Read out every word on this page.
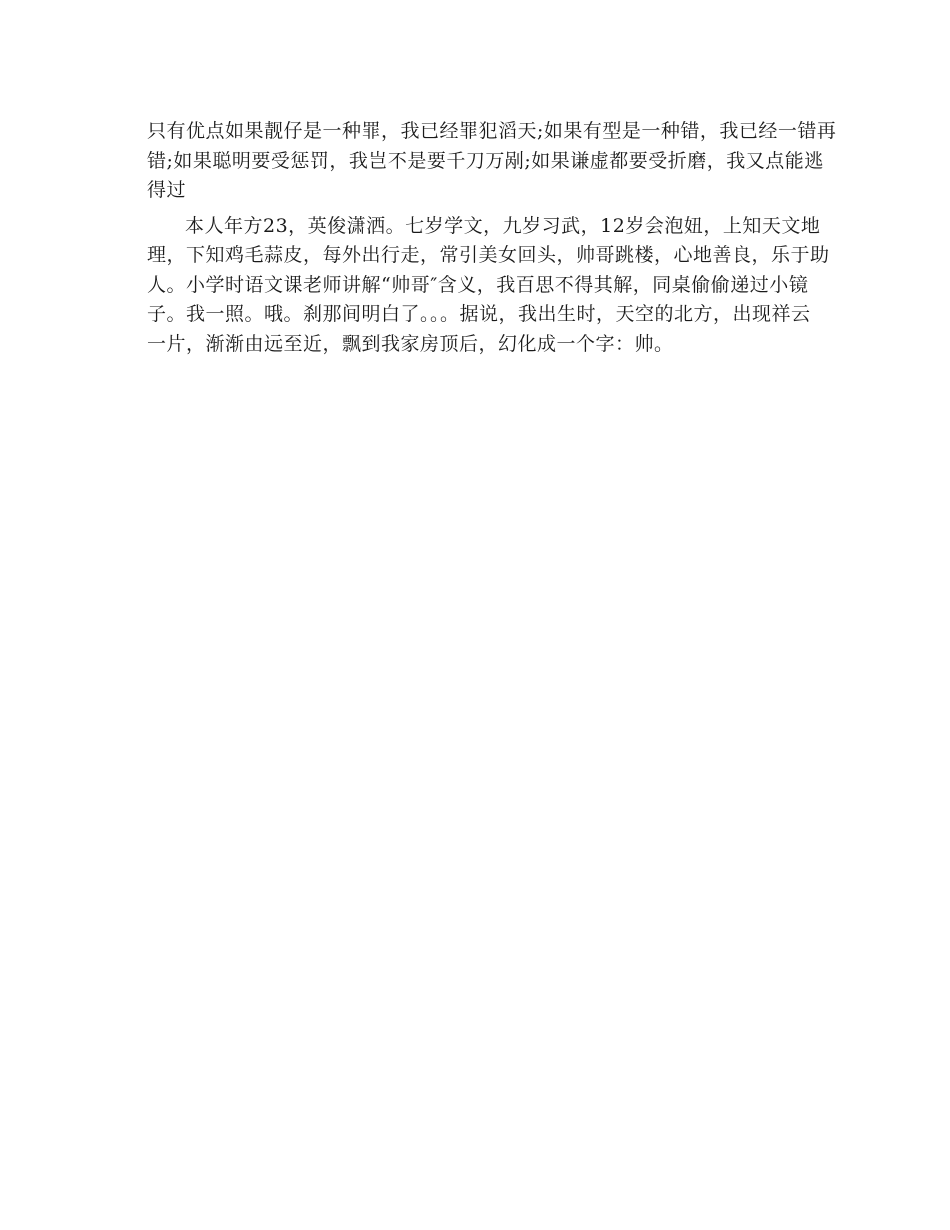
只有优点如果靓仔是一种罪，我已经罪犯滔天;如果有型是一种错，我已经一错再
错;如果聪明要受惩罚，我岂不是要千刀万剐;如果谦虚都要受折磨，我又点能逃
得过

本人年方23，英俊潇洒。七岁学文，九岁习武，12岁会泡妞，上知天文地
理，下知鸡毛蒜皮，每外出行走，常引美女回头，帅哥跳楼，心地善良，乐于助
人。小学时语文课老师讲解“帅哥″含义，我百思不得其解，同桌偷偷递过小镜
子。我一照。哦。刹那间明白了。。。据说，我出生时，天空的北方，出现祥云
一片，渐渐由远至近，飘到我家房顶后，幻化成一个字：帅。
